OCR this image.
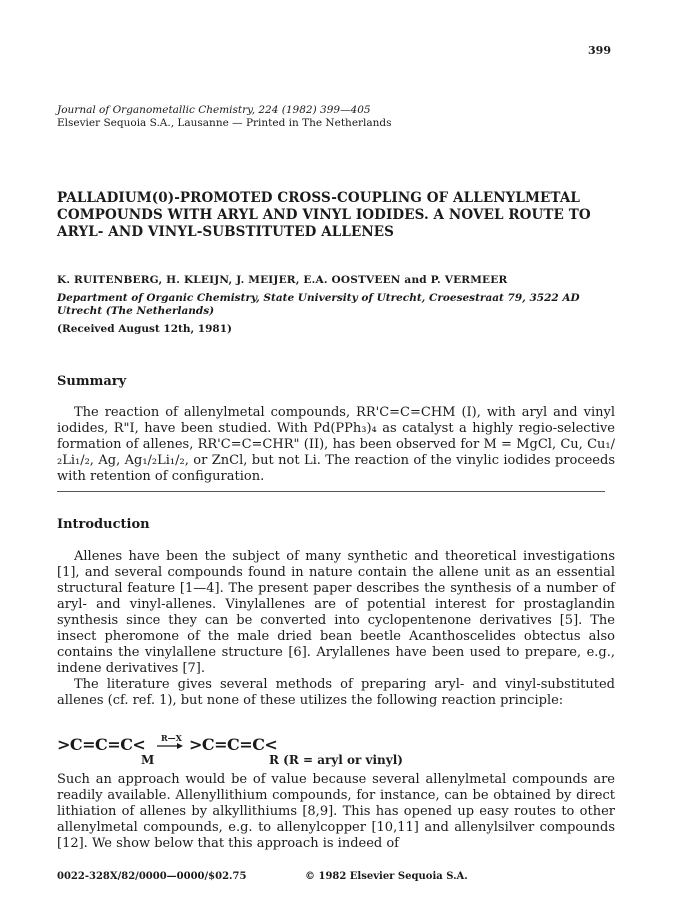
399
Journal of Organometallic Chemistry, 224 (1982) 399—405
Elsevier Sequoia S.A., Lausanne — Printed in The Netherlands
PALLADIUM(0)-PROMOTED CROSS-COUPLING OF ALLENYLMETAL COMPOUNDS WITH ARYL AND VINYL IODIDES. A NOVEL ROUTE TO ARYL- AND VINYL-SUBSTITUTED ALLENES
K. RUITENBERG, H. KLEIJN, J. MEIJER, E.A. OOSTVEEN and P. VERMEER
Department of Organic Chemistry, State University of Utrecht, Croesestraat 79, 3522 AD Utrecht (The Netherlands)
(Received August 12th, 1981)
Summary

The reaction of allenylmetal compounds, RR'C=C=CHM (I), with aryl and vinyl iodides, R"I, have been studied. With Pd(PPh₃)₄ as catalyst a highly regio-selective formation of allenes, RR'C=C=CHR" (II), has been observed for M = MgCl, Cu, Cu₁/₂Li₁/₂, Ag, Ag₁/₂Li₁/₂, or ZnCl, but not Li. The reaction of the vinylic iodides proceeds with retention of configuration.

Introduction

Allenes have been the subject of many synthetic and theoretical investigations [1], and several compounds found in nature contain the allene unit as an essential structural feature [1—4]. The present paper describes the synthesis of a number of aryl- and vinyl-allenes. Vinylallenes are of potential interest for prostaglandin synthesis since they can be converted into cyclopentenone derivatives [5]. The insect pheromone of the male dried bean beetle Acanthoscelides obtectus also contains the vinylallene structure [6]. Arylallenes have been used to prepare, e.g., indene derivatives [7].

The literature gives several methods of preparing aryl- and vinyl-substituted allenes (cf. ref. 1), but none of these utilizes the following reaction principle:

>C=C=C<
M
R—X >C=C=C<
R (R = aryl or vinyl)

Such an approach would be of value because several allenylmetal compounds are readily available. Allenyllithium compounds, for instance, can be obtained by direct lithiation of allenes by alkyllithiums [8,9]. This has opened up easy routes to other allenylmetal compounds, e.g. to allenylcopper [10,11] and allenylsilver compounds [12]. We show below that this approach is indeed of

0022-328X/82/0000—0000/$02.75	© 1982 Elsevier Sequoia S.A.
